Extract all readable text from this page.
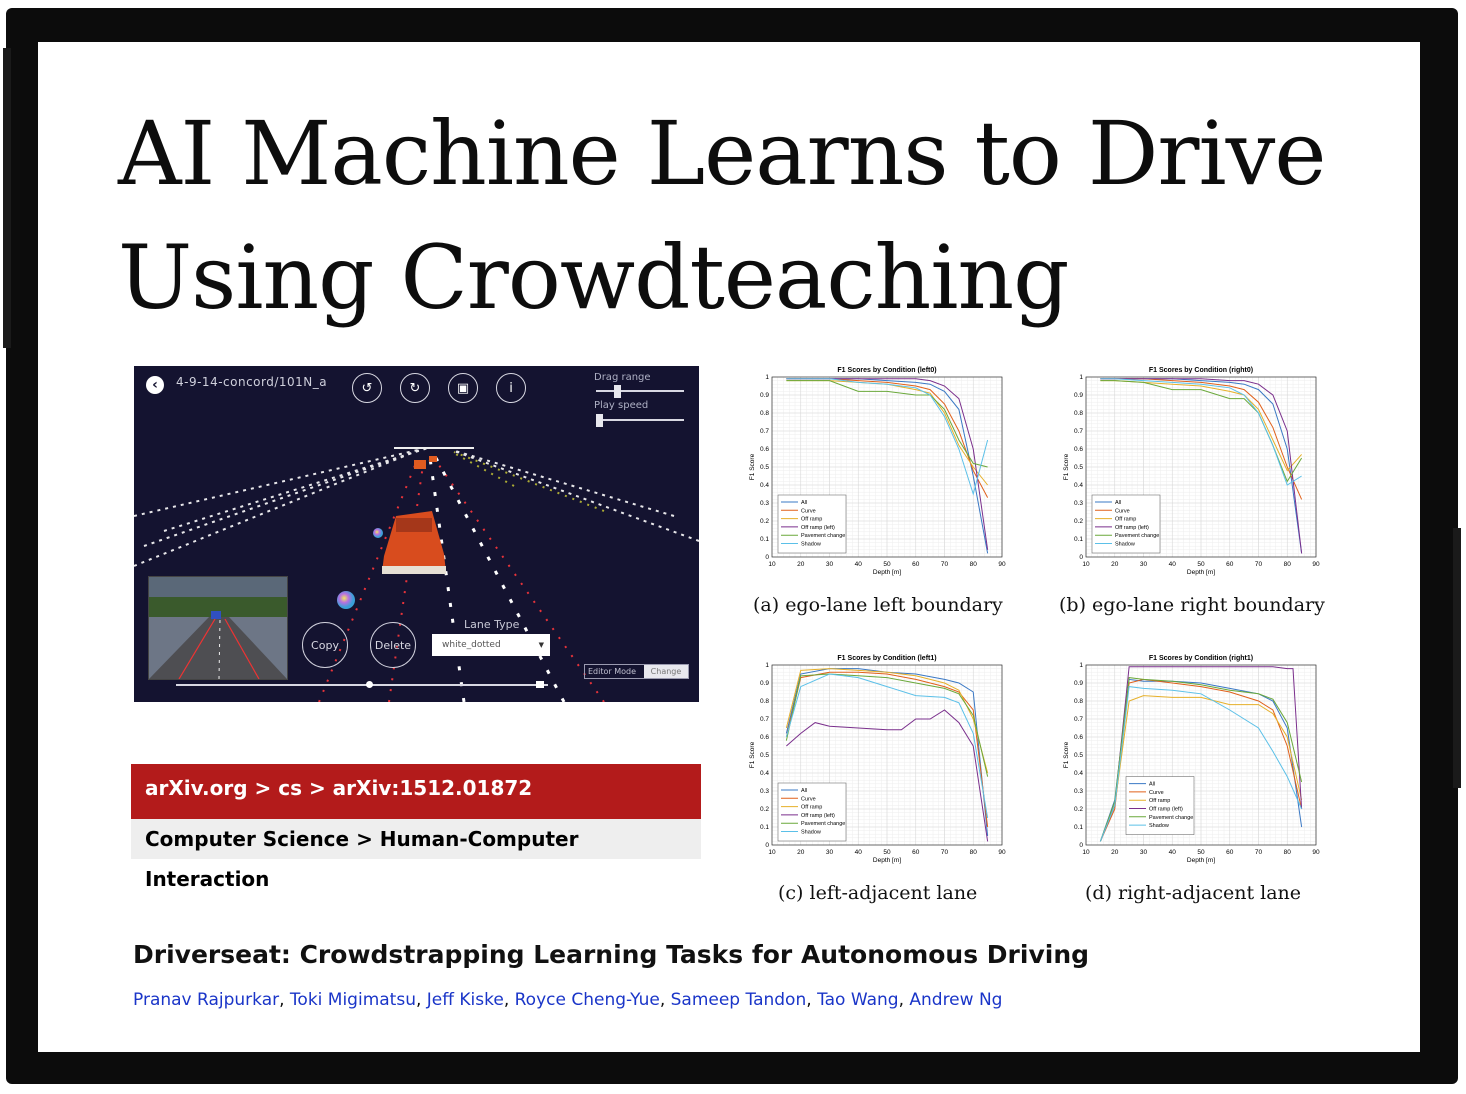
AI Machine Learns to Drive
Using Crowdteaching
‹	4-9-14-concord/101N_a	↺	↻	▣	i
Drag range
Play speed
Copy	Delete
Lane Type
white_dotted	▼
Editor Mode	Change
arXiv.org > cs > arXiv:1512.01872
Computer Science > Human-Computer Interaction
F1 Scores by Condition (left0)
10	20	30	40	50	60	70	80	90
0
0.1
0.2
0.3
0.4
0.5
0.6
0.7
0.8
0.9
1
Depth [m]
F1 Score
All
Curve
Off ramp
Off ramp (left)
Pavement change
Shadow
F1 Scores by Condition (right0)
10	20	30	40	50	60	70	80	90
0
0.1
0.2
0.3
0.4
0.5
0.6
0.7
0.8
0.9
1
Depth [m]
F1 Score
All
Curve
Off ramp
Off ramp (left)
Pavement change
Shadow
F1 Scores by Condition (left1)
10	20	30	40	50	60	70	80	90
0
0.1
0.2
0.3
0.4
0.5
0.6
0.7
0.8
0.9
1
Depth [m]
F1 Score
All
Curve
Off ramp
Off ramp (left)
Pavement change
Shadow
F1 Scores by Condition (right1)
10	20	30	40	50	60	70	80	90
0
0.1
0.2
0.3
0.4
0.5
0.6
0.7
0.8
0.9
1
Depth [m]
F1 Score
All
Curve
Off ramp
Off ramp (left)
Pavement change
Shadow
(a) ego-lane left boundary	(b) ego-lane right boundary
(c) left-adjacent lane	(d) right-adjacent lane
Driverseat: Crowdstrapping Learning Tasks for Autonomous Driving
Pranav Rajpurkar, Toki Migimatsu, Jeff Kiske, Royce Cheng-Yue, Sameep Tandon, Tao Wang, Andrew Ng
